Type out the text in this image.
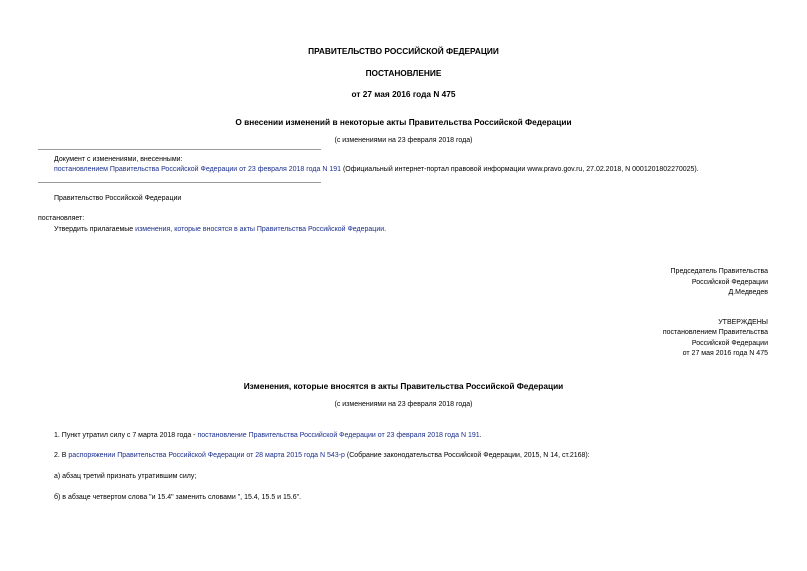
ПРАВИТЕЛЬСТВО РОССИЙСКОЙ ФЕДЕРАЦИИ
ПОСТАНОВЛЕНИЕ
от 27 мая 2016 года N 475
О внесении изменений в некоторые акты Правительства Российской Федерации
(с изменениями на 23 февраля 2018 года)
Документ с изменениями, внесенными:
постановлением Правительства Российской Федерации от 23 февраля 2018 года N 191 (Официальный интернет-портал правовой информации www.pravo.gov.ru, 27.02.2018, N 0001201802270025).
Правительство Российской Федерации
постановляет:
Утвердить прилагаемые изменения, которые вносятся в акты Правительства Российской Федерации.
Председатель Правительства
Российской Федерации
Д.Медведев
УТВЕРЖДЕНЫ
постановлением Правительства
Российской Федерации
от 27 мая 2016 года N 475
Изменения, которые вносятся в акты Правительства Российской Федерации
(с изменениями на 23 февраля 2018 года)
1. Пункт утратил силу с 7 марта 2018 года - постановление Правительства Российской Федерации от 23 февраля 2018 года N 191.
2. В распоряжении Правительства Российской Федерации от 28 марта 2015 года N 543-р (Собрание законодательства Российской Федерации, 2015, N 14, ст.2168):
а) абзац третий признать утратившим силу;
б) в абзаце четвертом слова "и 15.4" заменить словами ", 15.4, 15.5 и 15.6".
